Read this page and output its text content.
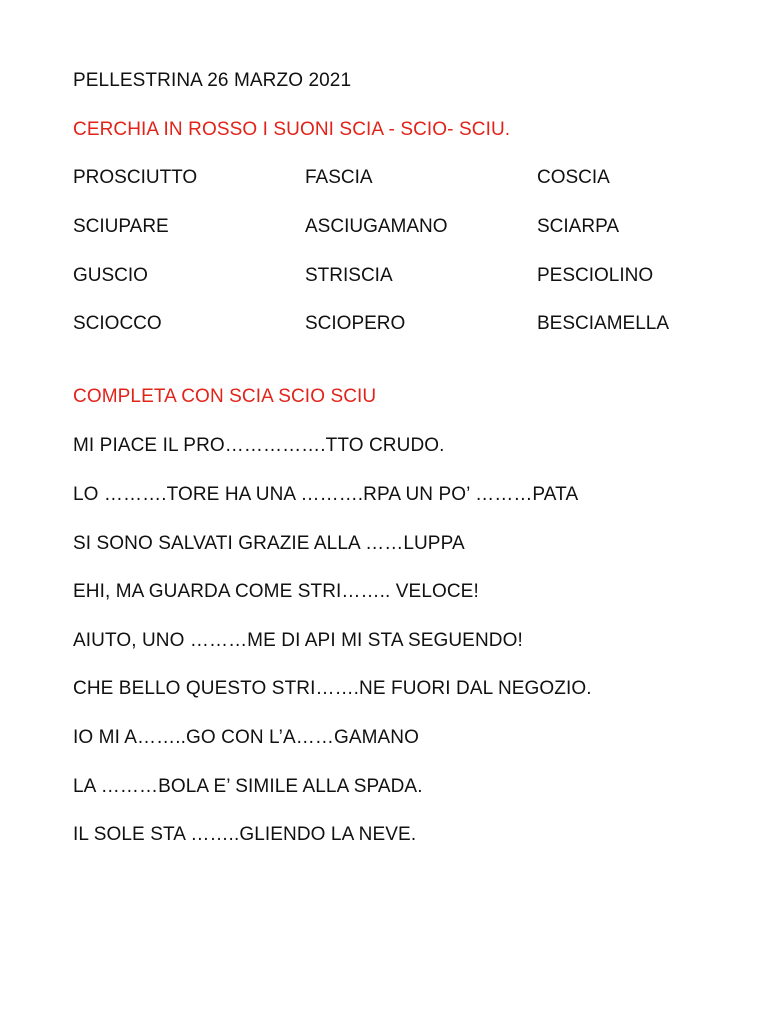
PELLESTRINA 26 MARZO 2021
CERCHIA IN ROSSO I SUONI SCIA - SCIO- SCIU.
PROSCIUTTO	FASCIA	COSCIA
SCIUPARE	ASCIUGAMANO	SCIARPA
GUSCIO	STRISCIA	PESCIOLINO
SCIOCCO	SCIOPERO	BESCIAMELLA
COMPLETA CON SCIA SCIO SCIU
MI PIACE IL PRO…………….TTO CRUDO.
LO ……….TORE HA UNA ……….RPA UN PO’ ………PATA
SI SONO SALVATI GRAZIE ALLA ……LUPPA
EHI, MA GUARDA COME STRI…….. VELOCE!
AIUTO, UNO ………ME DI API MI STA SEGUENDO!
CHE BELLO QUESTO STRI…….NE FUORI DAL NEGOZIO.
IO MI A……..GO CON L’A……GAMANO
LA ………BOLA E’ SIMILE ALLA SPADA.
IL SOLE STA ……..GLIENDO LA NEVE.
